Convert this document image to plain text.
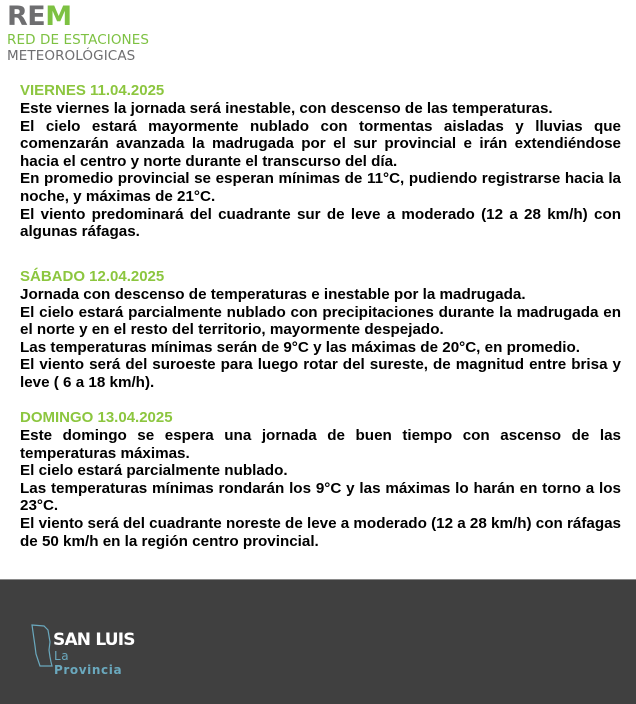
REM
RED DE ESTACIONES
METEOROLÓGICAS
VIERNES 11.04.2025

Este viernes la jornada será inestable, con descenso de las temperaturas.

El cielo estará mayormente nublado con tormentas aisladas y lluvias que comenzarán avanzada la madrugada por el sur provincial e irán extendiéndose hacia el centro y norte durante el transcurso del día.

En promedio provincial se esperan mínimas de 11°C, pudiendo registrarse hacia la noche, y máximas de 21°C.

El viento predominará del cuadrante sur de leve a moderado (12 a 28 km/h) con algunas ráfagas.

SÁBADO 12.04.2025

Jornada con descenso de temperaturas e inestable por la madrugada.

El cielo estará parcialmente nublado con precipitaciones durante la madrugada en el norte y en el resto del territorio, mayormente despejado.

Las temperaturas mínimas serán de 9°C y las máximas de 20°C, en promedio.

El viento será del suroeste para luego rotar del sureste, de magnitud entre brisa y leve ( 6 a 18 km/h).

DOMINGO 13.04.2025

Este domingo se espera una jornada de buen tiempo con ascenso de las temperaturas máximas.

El cielo estará parcialmente nublado.

Las temperaturas mínimas rondarán los 9°C y las máximas lo harán en torno a los 23°C.

El viento será del cuadrante noreste de leve a moderado (12 a 28 km/h) con ráfagas de 50 km/h en la región centro provincial.

SAN LUIS
La Provincia
